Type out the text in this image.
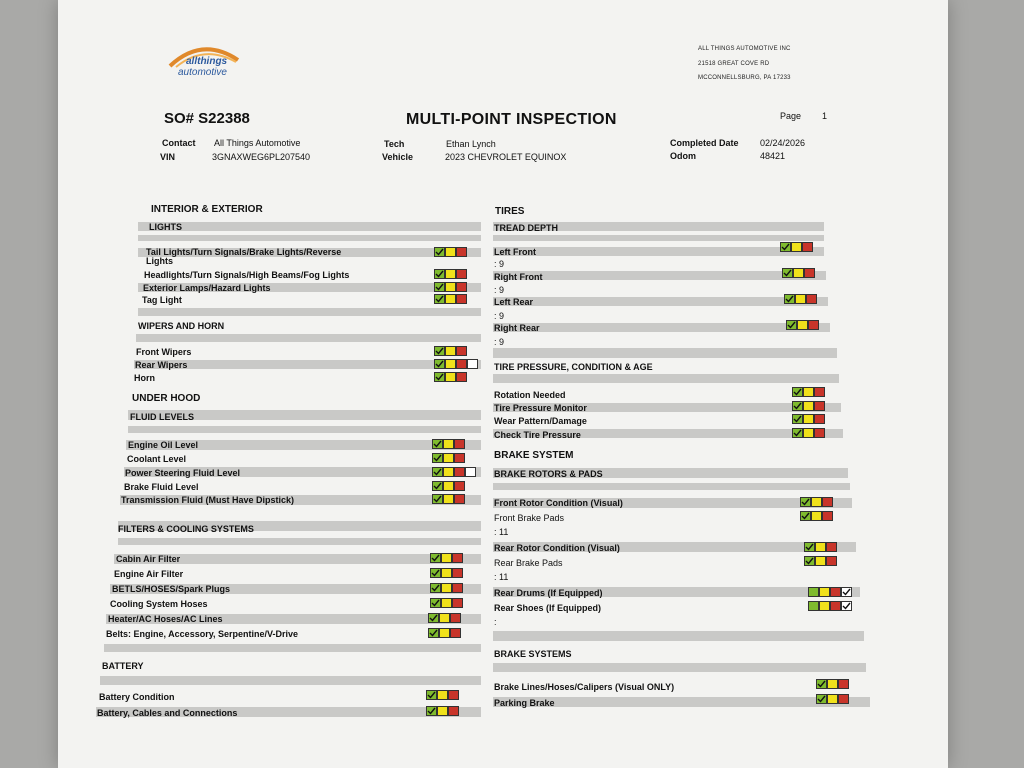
allthings
automotive
ALL THINGS AUTOMOTIVE INC
21518 GREAT COVE RD
MCCONNELLSBURG, PA 17233
SO# S22388	MULTI-POINT INSPECTION	Page 1
Contact All Things Automotive
VIN	3GNAXWEG6PL207540
Tech	Ethan Lynch
Vehicle	2023 CHEVROLET EQUINOX
Completed Date 02/24/2026
Odom	48421
INTERIOR & EXTERIOR
LIGHTS
Tail Lights/Turn Signals/Brake Lights/Reverse
Lights
Headlights/Turn Signals/High Beams/Fog Lights
Exterior Lamps/Hazard Lights
Tag Light
WIPERS AND HORN
Front Wipers
Rear Wipers
Horn
UNDER HOOD
FLUID LEVELS
Engine Oil Level
Coolant Level
Power Steering Fluid Level
Brake Fluid Level
Transmission Fluid (Must Have Dipstick)
FILTERS & COOLING SYSTEMS
Cabin Air Filter
Engine Air Filter
BETLS/HOSES/Spark Plugs
Cooling System Hoses
Heater/AC Hoses/AC Lines
Belts: Engine, Accessory, Serpentine/V-Drive
BATTERY
Battery Condition
Battery, Cables and Connections
TIRES
TREAD DEPTH
Left Front
: 9
Right Front
: 9
Left Rear
: 9
Right Rear
: 9
TIRE PRESSURE, CONDITION & AGE
Rotation Needed
Tire Pressure Monitor
Wear Pattern/Damage
Check Tire Pressure
BRAKE SYSTEM
BRAKE ROTORS & PADS
Front Rotor Condition (Visual)
Front Brake Pads
: 11
Rear Rotor Condition (Visual)
Rear Brake Pads
: 11
Rear Drums (If Equipped)
Rear Shoes (If Equipped)
:
BRAKE SYSTEMS
Brake Lines/Hoses/Calipers (Visual ONLY)
Parking Brake
